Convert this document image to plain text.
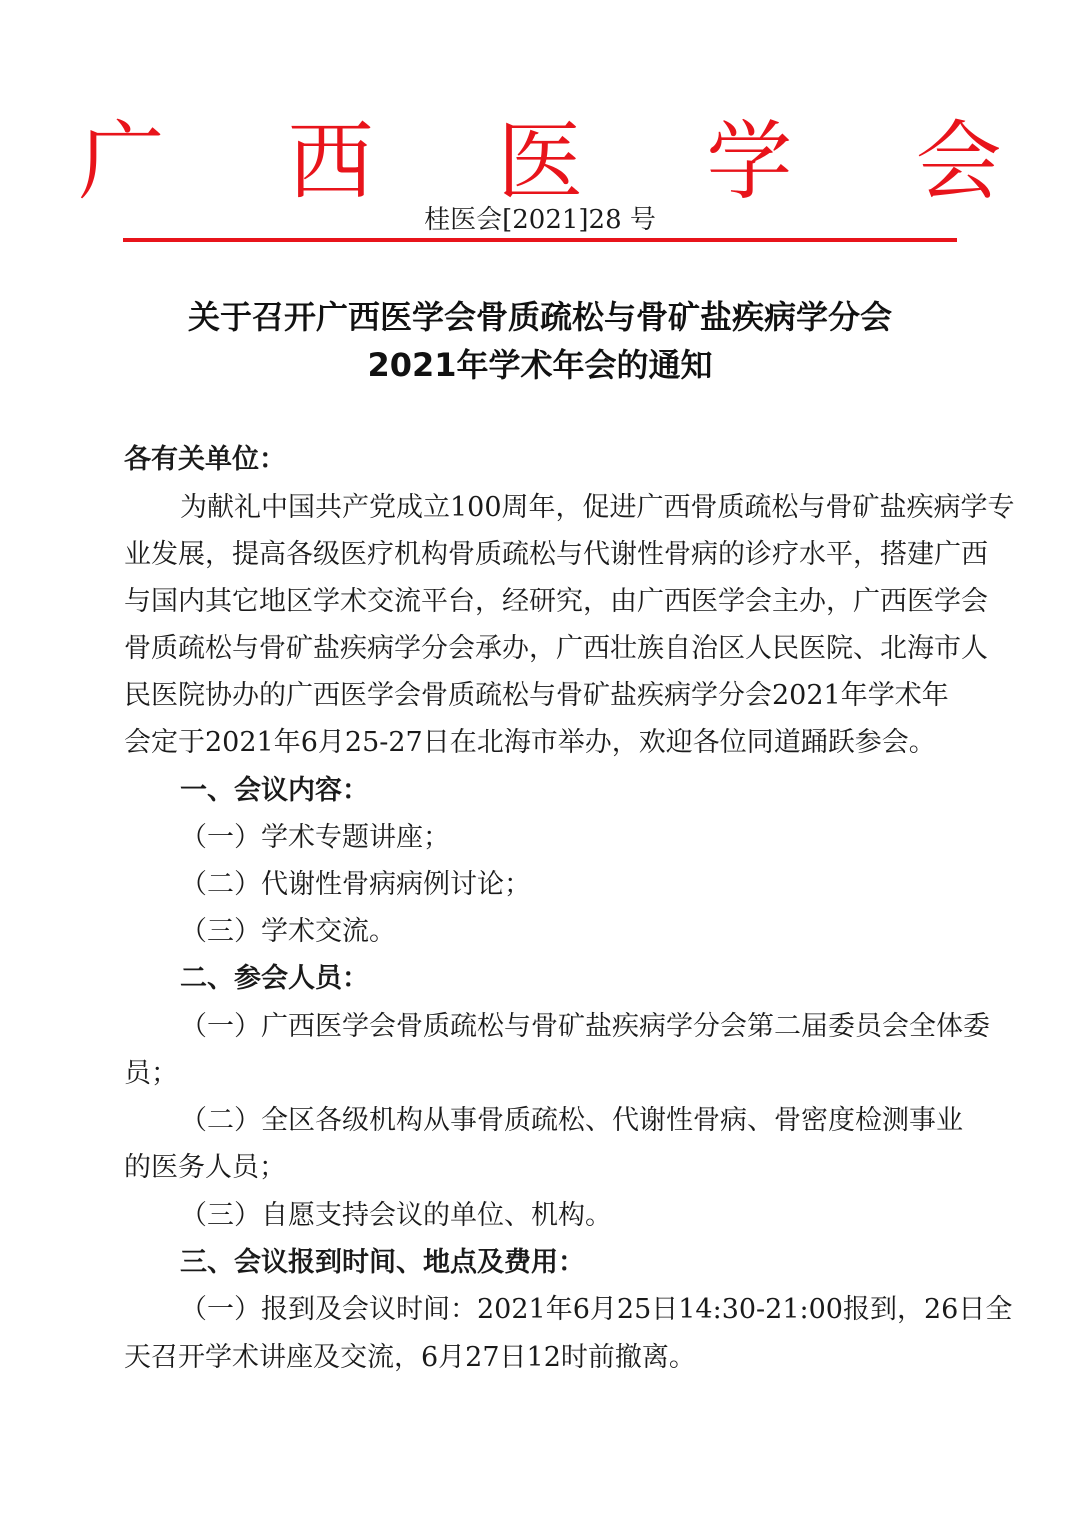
广 西 医 学 会
桂医会[2021]28 号
关于召开广西医学会骨质疏松与骨矿盐疾病学分会
2021年学术年会的通知
各有关单位：
为献礼中国共产党成立100周年，促进广西骨质疏松与骨矿盐疾病学专
业发展，提高各级医疗机构骨质疏松与代谢性骨病的诊疗水平，搭建广西
与国内其它地区学术交流平台，经研究，由广西医学会主办，广西医学会
骨质疏松与骨矿盐疾病学分会承办，广西壮族自治区人民医院、北海市人
民医院协办的广西医学会骨质疏松与骨矿盐疾病学分会2021年学术年
会定于2021年6月25-27日在北海市举办，欢迎各位同道踊跃参会。
一、会议内容：
（一）学术专题讲座；
（二）代谢性骨病病例讨论；
（三）学术交流。
二、参会人员：
（一）广西医学会骨质疏松与骨矿盐疾病学分会第二届委员会全体委
员；
（二）全区各级机构从事骨质疏松、代谢性骨病、骨密度检测事业
的医务人员；
（三）自愿支持会议的单位、机构。
三、会议报到时间、地点及费用：
（一）报到及会议时间：2021年6月25日14:30-21:00报到，26日全
天召开学术讲座及交流，6月27日12时前撤离。
